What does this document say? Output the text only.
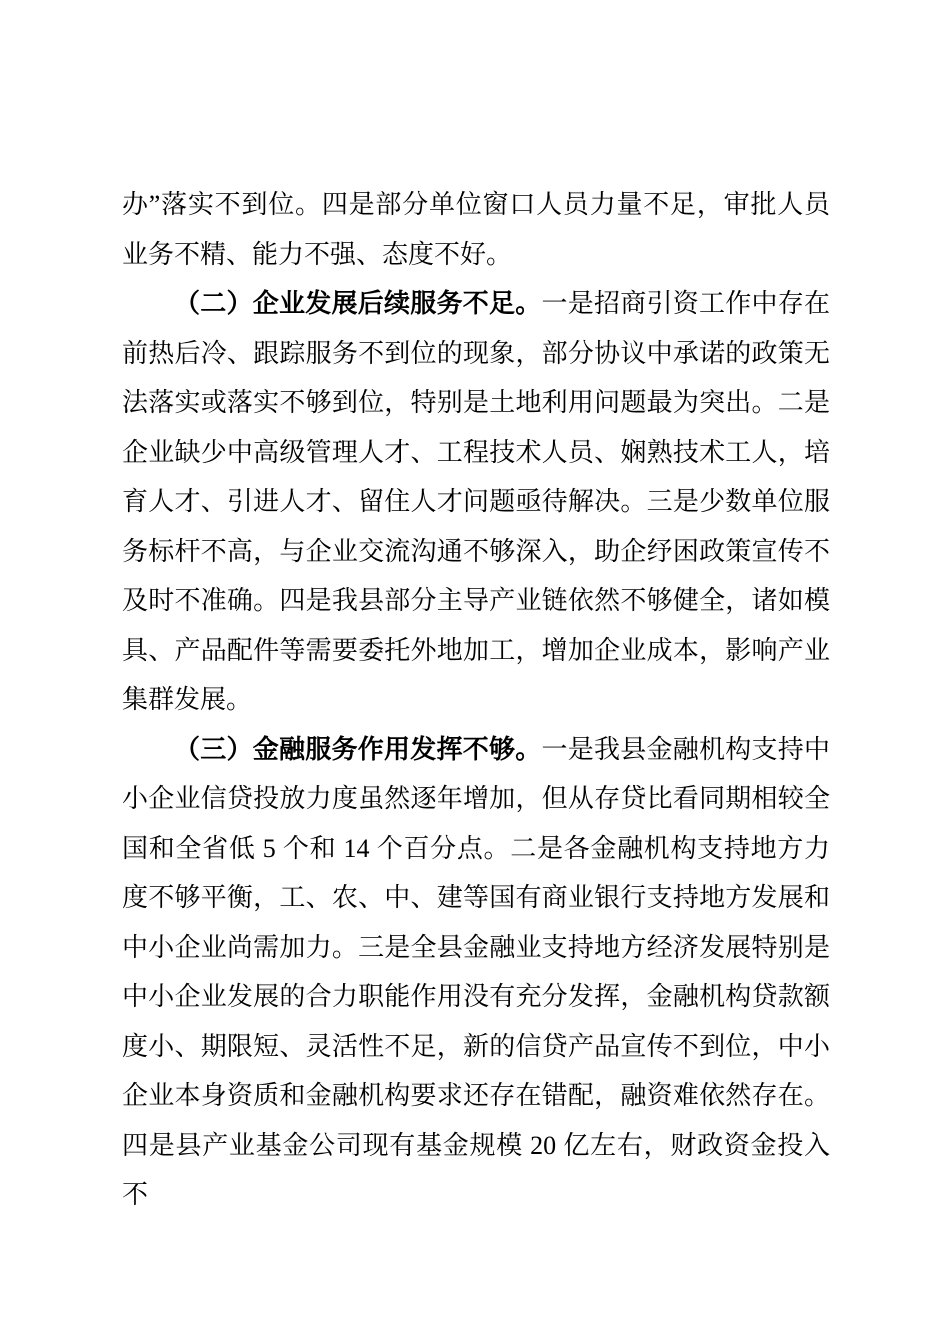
办”落实不到位。四是部分单位窗口人员力量不足，审批人员业务不精、能力不强、态度不好。

（二）企业发展后续服务不足。一是招商引资工作中存在前热后冷、跟踪服务不到位的现象，部分协议中承诺的政策无法落实或落实不够到位，特别是土地利用问题最为突出。二是企业缺少中高级管理人才、工程技术人员、娴熟技术工人，培育人才、引进人才、留住人才问题亟待解决。三是少数单位服务标杆不高，与企业交流沟通不够深入，助企纾困政策宣传不及时不准确。四是我县部分主导产业链依然不够健全，诸如模具、产品配件等需要委托外地加工，增加企业成本，影响产业集群发展。

（三）金融服务作用发挥不够。一是我县金融机构支持中小企业信贷投放力度虽然逐年增加，但从存贷比看同期相较全国和全省低 5 个和 14 个百分点。二是各金融机构支持地方力度不够平衡，工、农、中、建等国有商业银行支持地方发展和中小企业尚需加力。三是全县金融业支持地方经济发展特别是中小企业发展的合力职能作用没有充分发挥，金融机构贷款额度小、期限短、灵活性不足，新的信贷产品宣传不到位，中小企业本身资质和金融机构要求还存在错配，融资难依然存在。四是县产业基金公司现有基金规模 20 亿左右，财政资金投入不
